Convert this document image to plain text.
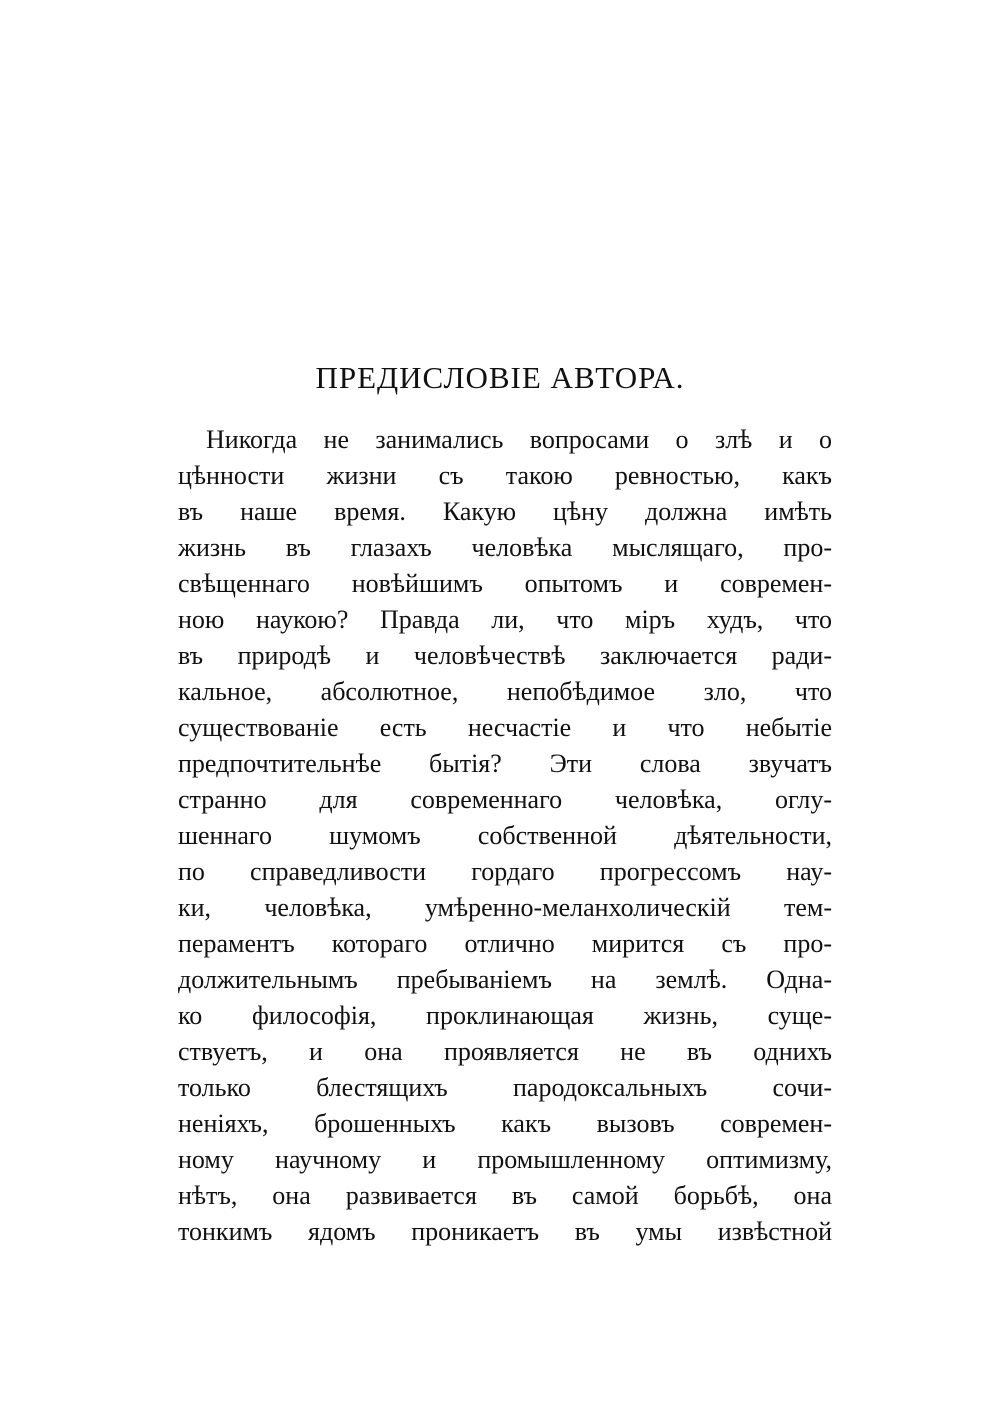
ПРЕДИСЛОВІЕ АВТОРА.
Никогда не занимались вопросами о злѣ и о
цѣнности жизни съ такою ревностью, какъ
въ наше время. Какую цѣну должна имѣть
жизнь въ глазахъ человѣка мыслящаго, про-
свѣщеннаго новѣйшимъ опытомъ и современ-
ною наукою? Правда ли, что міръ худъ, что
въ природѣ и человѣчествѣ заключается ради-
кальное, абсолютное, непобѣдимое зло, что
существованіе есть несчастіе и что небытіе
предпочтительнѣе бытія? Эти слова звучатъ
странно для современнаго человѣка, оглу-
шеннаго шумомъ собственной дѣятельности,
по справедливости гордаго прогрессомъ нау-
ки, человѣка, умѣренно-меланхолическій тем-
пераментъ котораго отлично мирится съ про-
должительнымъ пребываніемъ на землѣ. Одна-
ко философія, проклинающая жизнь, суще-
ствуетъ, и она проявляется не въ однихъ
только блестящихъ пародоксальныхъ сочи-
неніяхъ, брошенныхъ какъ вызовъ современ-
ному научному и промышленному оптимизму,
нѣтъ, она развивается въ самой борьбѣ, она
тонкимъ ядомъ проникаетъ въ умы извѣстной
